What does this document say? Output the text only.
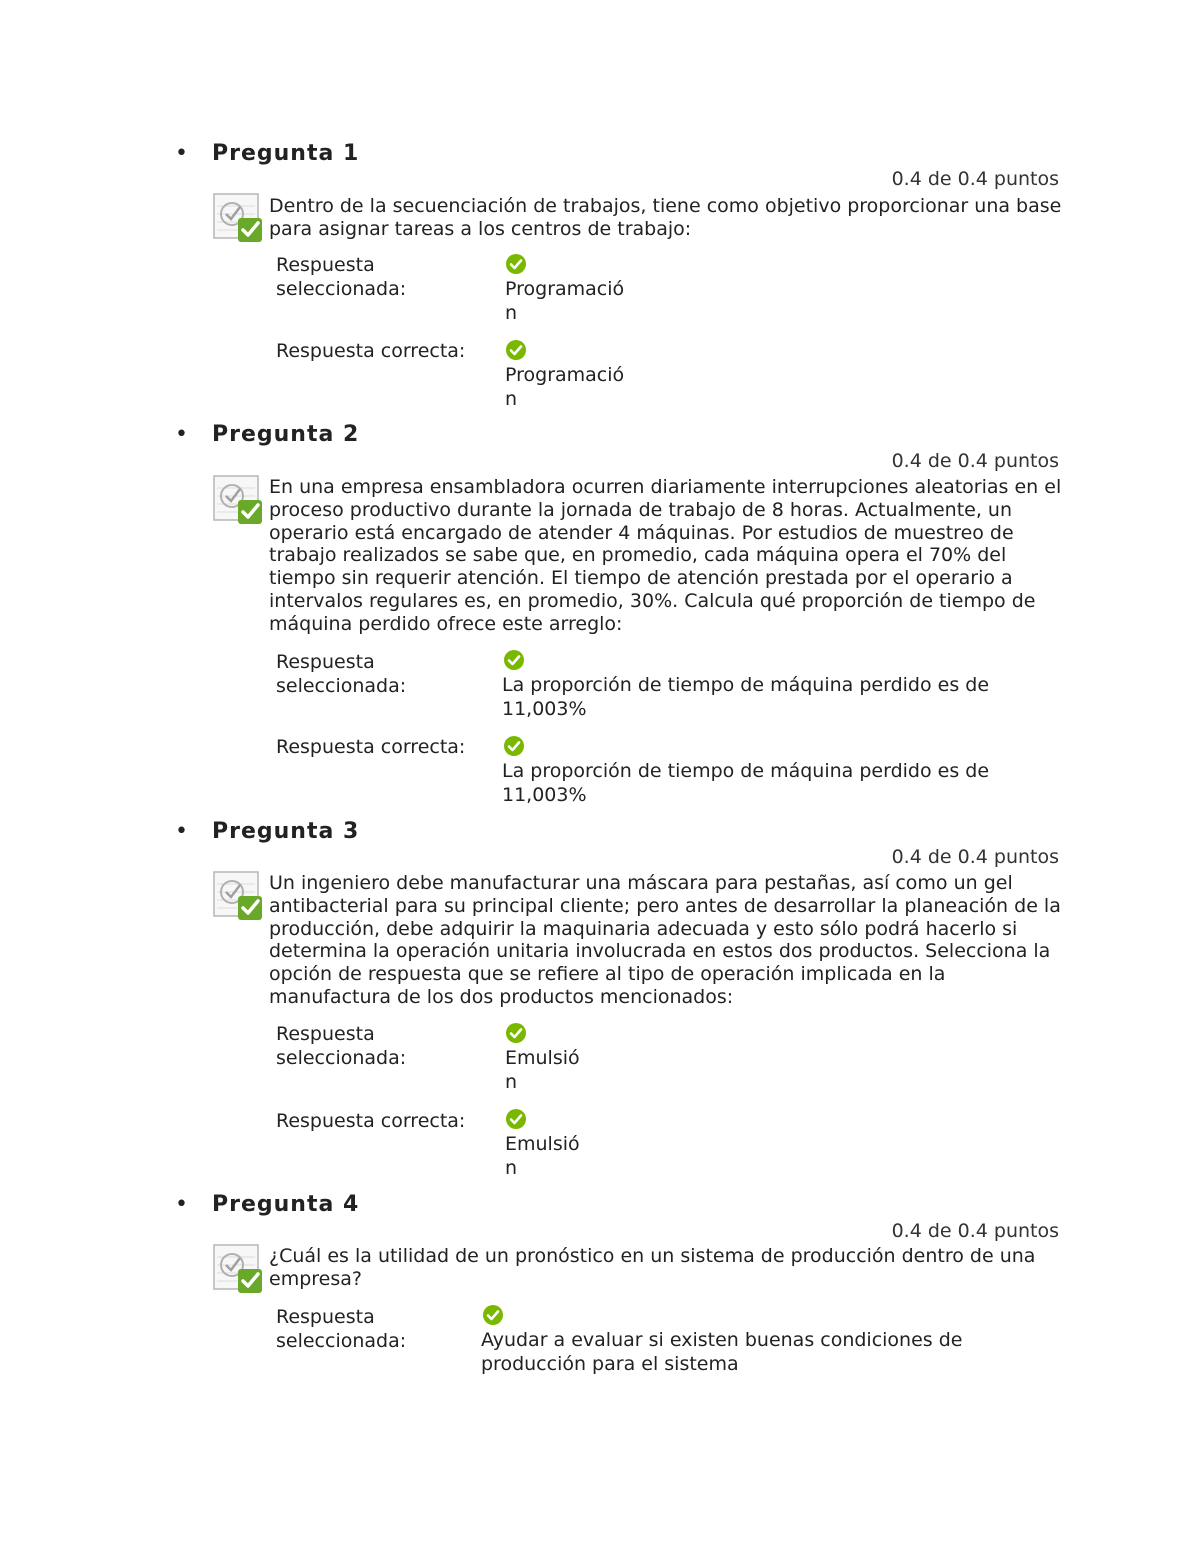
• Pregunta 1
0.4 de 0.4 puntos
Dentro de la secuenciación de trabajos, tiene como objetivo proporcionar una base para asignar tareas a los centros de trabajo:
Respuesta seleccionada:	Programación
Respuesta correcta:
Programación
• Pregunta 2
0.4 de 0.4 puntos
En una empresa ensambladora ocurren diariamente interrupciones aleatorias en el proceso productivo durante la jornada de trabajo de 8 horas. Actualmente, un operario está encargado de atender 4 máquinas. Por estudios de muestreo de trabajo realizados se sabe que, en promedio, cada máquina opera el 70% del tiempo sin requerir atención. El tiempo de atención prestada por el operario a intervalos regulares es, en promedio, 30%. Calcula qué proporción de tiempo de máquina perdido ofrece este arreglo:
Respuesta seleccionada:	La proporción de tiempo de máquina perdido es de 11,003%
Respuesta correcta:
La proporción de tiempo de máquina perdido es de 11,003%
• Pregunta 3
0.4 de 0.4 puntos
Un ingeniero debe manufacturar una máscara para pestañas, así como un gel antibacterial para su principal cliente; pero antes de desarrollar la planeación de la producción, debe adquirir la maquinaria adecuada y esto sólo podrá hacerlo si determina la operación unitaria involucrada en estos dos productos. Selecciona la opción de respuesta que se refiere al tipo de operación implicada en la manufactura de los dos productos mencionados:
Respuesta seleccionada:	Emulsión
Respuesta correcta:
Emulsión
• Pregunta 4
0.4 de 0.4 puntos
¿Cuál es la utilidad de un pronóstico en un sistema de producción dentro de una empresa?
Respuesta seleccionada:	Ayudar a evaluar si existen buenas condiciones de producción para el sistema
